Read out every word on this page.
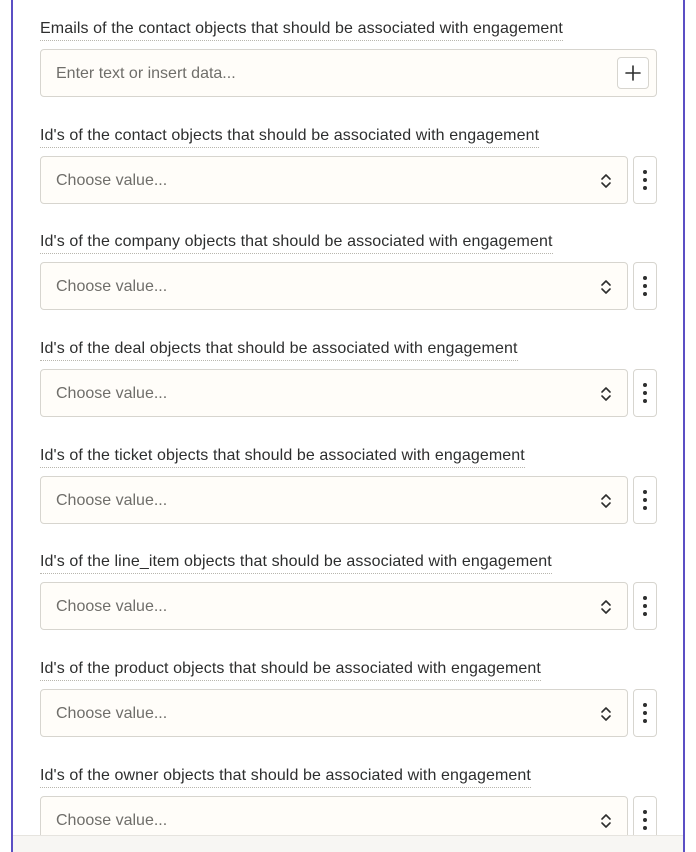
Emails of the contact objects that should be associated with engagement
Enter text or insert data...
Id's of the contact objects that should be associated with engagement
Choose value...
Id's of the company objects that should be associated with engagement
Choose value...
Id's of the deal objects that should be associated with engagement
Choose value...
Id's of the ticket objects that should be associated with engagement
Choose value...
Id's of the line_item objects that should be associated with engagement
Choose value...
Id's of the product objects that should be associated with engagement
Choose value...
Id's of the owner objects that should be associated with engagement
Choose value...
